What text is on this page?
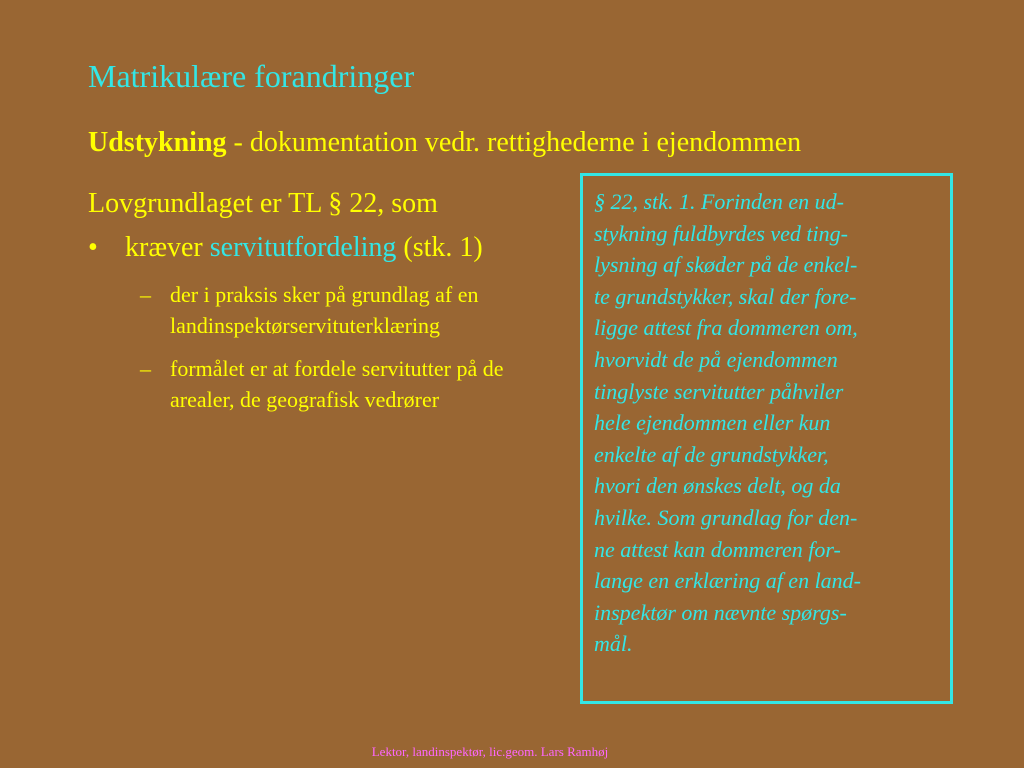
Matrikulære forandringer
Udstykning - dokumentation vedr. rettighederne i ejendommen
Lovgrundlaget er TL § 22, som
• kræver servitutfordeling (stk. 1)
– der i praksis sker på grundlag af en landinspektørservituterklæring
– formålet er at fordele servitutter på de arealer, de geografisk vedrører
§ 22, stk. 1. Forinden en ud-
stykning fuldbyrdes ved ting-
lysning af skøder på de enkel-
te grundstykker, skal der fore-
ligge attest fra dommeren om,
hvorvidt de på ejendommen
tinglyste servitutter påhviler
hele ejendommen eller kun
enkelte af de grundstykker,
hvori den ønskes delt, og da
hvilke. Som grundlag for den-
ne attest kan dommeren for-
lange en erklæring af en land-
inspektør om nævnte spørgs-
mål.
Lektor, landinspektør, lic.geom. Lars Ramhøj
